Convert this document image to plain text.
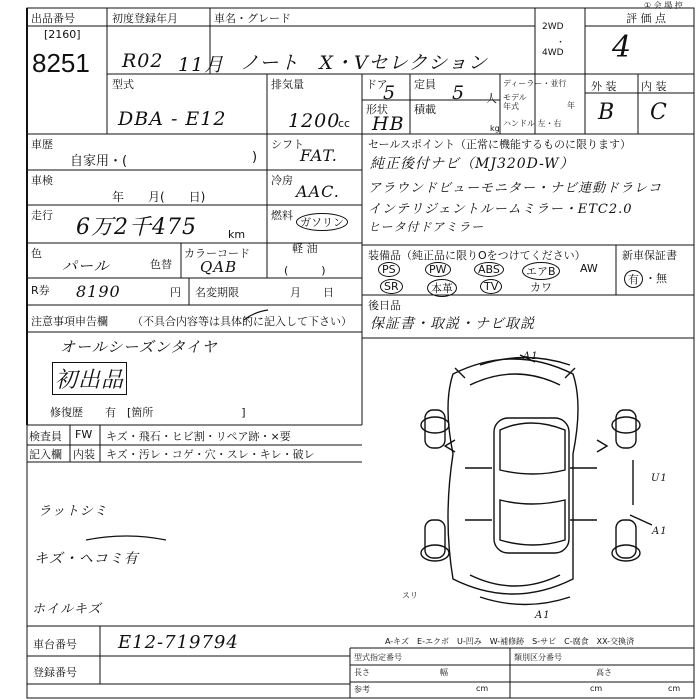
出品番号
[2160]
8251
初度登録年月	車名・グレード
R02 11月 ノート　X・Vセレクション
2WD
・
4WD
評 価 点
① 会 場 控
4
型式
DBA - E12
排気量
1200
cc
ドア
5 定員 5 人
形状
HB
積載
kg
ディーラー・並行
モデル
年式	年
ハンドル 左・右
外 装 内 装
B C
車歴
自家用・(	)
車検
年　　月(　　日)
走行 6万2千475	km
色
パール	色替
カラーコード
QAB
シフト
FAT.
冷房
AAC.
燃料
ガソリン
軽 油
(　　　)
R券 8190	円 名変期限	月　　日
注意事項申告欄 （不具合内容等は具体的に記入して下さい）
オールシーズンタイヤ
初出品
修復歴　　有　[箇所　　　　　　　　]
検査員 FW キズ・飛石・ヒビ割・リペア跡・×要
記入欄 内装 キズ・汚レ・コゲ・穴・スレ・キレ・破レ
ラットシミ
キズ・ヘコミ有
ホイルキズ
セールスポイント（正常に機能するものに限ります）
純正後付ナビ（MJ320D-W）
アラウンドビューモニター・ナビ連動ドラレコ
インテリジェントルームミラー・ETC2.0
ヒータ付ドアミラー
装備品（純正品に限りOをつけてください）	新車保証書
PS	PW	ABS	エアB	AW
SR	本革	TV	カワ
有 ・無
後日品
保証書・取説・ナビ取説
A1
U1
A1
A1
スリ
A-キズ　E-エクボ　U-凹み　W-補修跡　S-サビ　C-腐食　XX-交換済
車台番号 E12-719794
登録番号
型式指定番号	類別区分番号
長さ	幅	高さ
参考	cm	cm	cm
